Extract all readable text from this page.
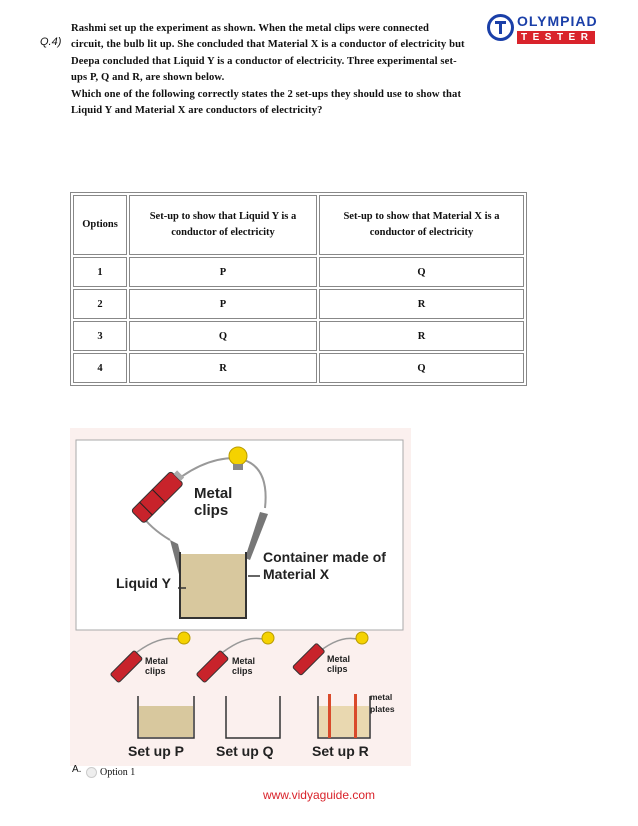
Q.4)
Rashmi set up the experiment as shown. When the metal clips were connected
circuit, the bulb lit up. She concluded that Material X is a conductor of electricity but
Deepa concluded that Liquid Y is a conductor of electricity. Three experimental set-
ups P, Q and R, are shown below.
Which one of the following correctly states the 2 set-ups they should use to show that
Liquid Y and Material X are conductors of electricity?
OLYMPIAD
TESTER
Options	Set-up to show that Liquid Y is a conductor of electricity	Set-up to show that Material X is a conductor of electricity
1	P	Q
2	P	R
3	Q	R
4	R	Q
Metal clips
Container made of Material X
Liquid Y
Metal clips
Metal clips
Metal clips
metal plates
Set up P Set up Q	Set up R
A. Option 1
www.vidyaguide.com
